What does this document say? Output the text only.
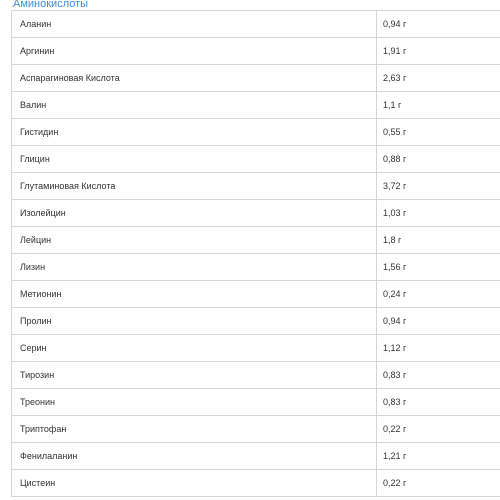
Аминокислоты
Аланин	0,94 г
Аргинин	1,91 г
Аспарагиновая Кислота	2,63 г
Валин	1,1 г
Гистидин	0,55 г
Глицин	0,88 г
Глутаминовая Кислота	3,72 г
Изолейцин	1,03 г
Лейцин	1,8 г
Лизин	1,56 г
Метионин	0,24 г
Пролин	0,94 г
Серин	1,12 г
Тирозин	0,83 г
Треонин	0,83 г
Триптофан	0,22 г
Фенилаланин	1,21 г
Цистеин	0,22 г
